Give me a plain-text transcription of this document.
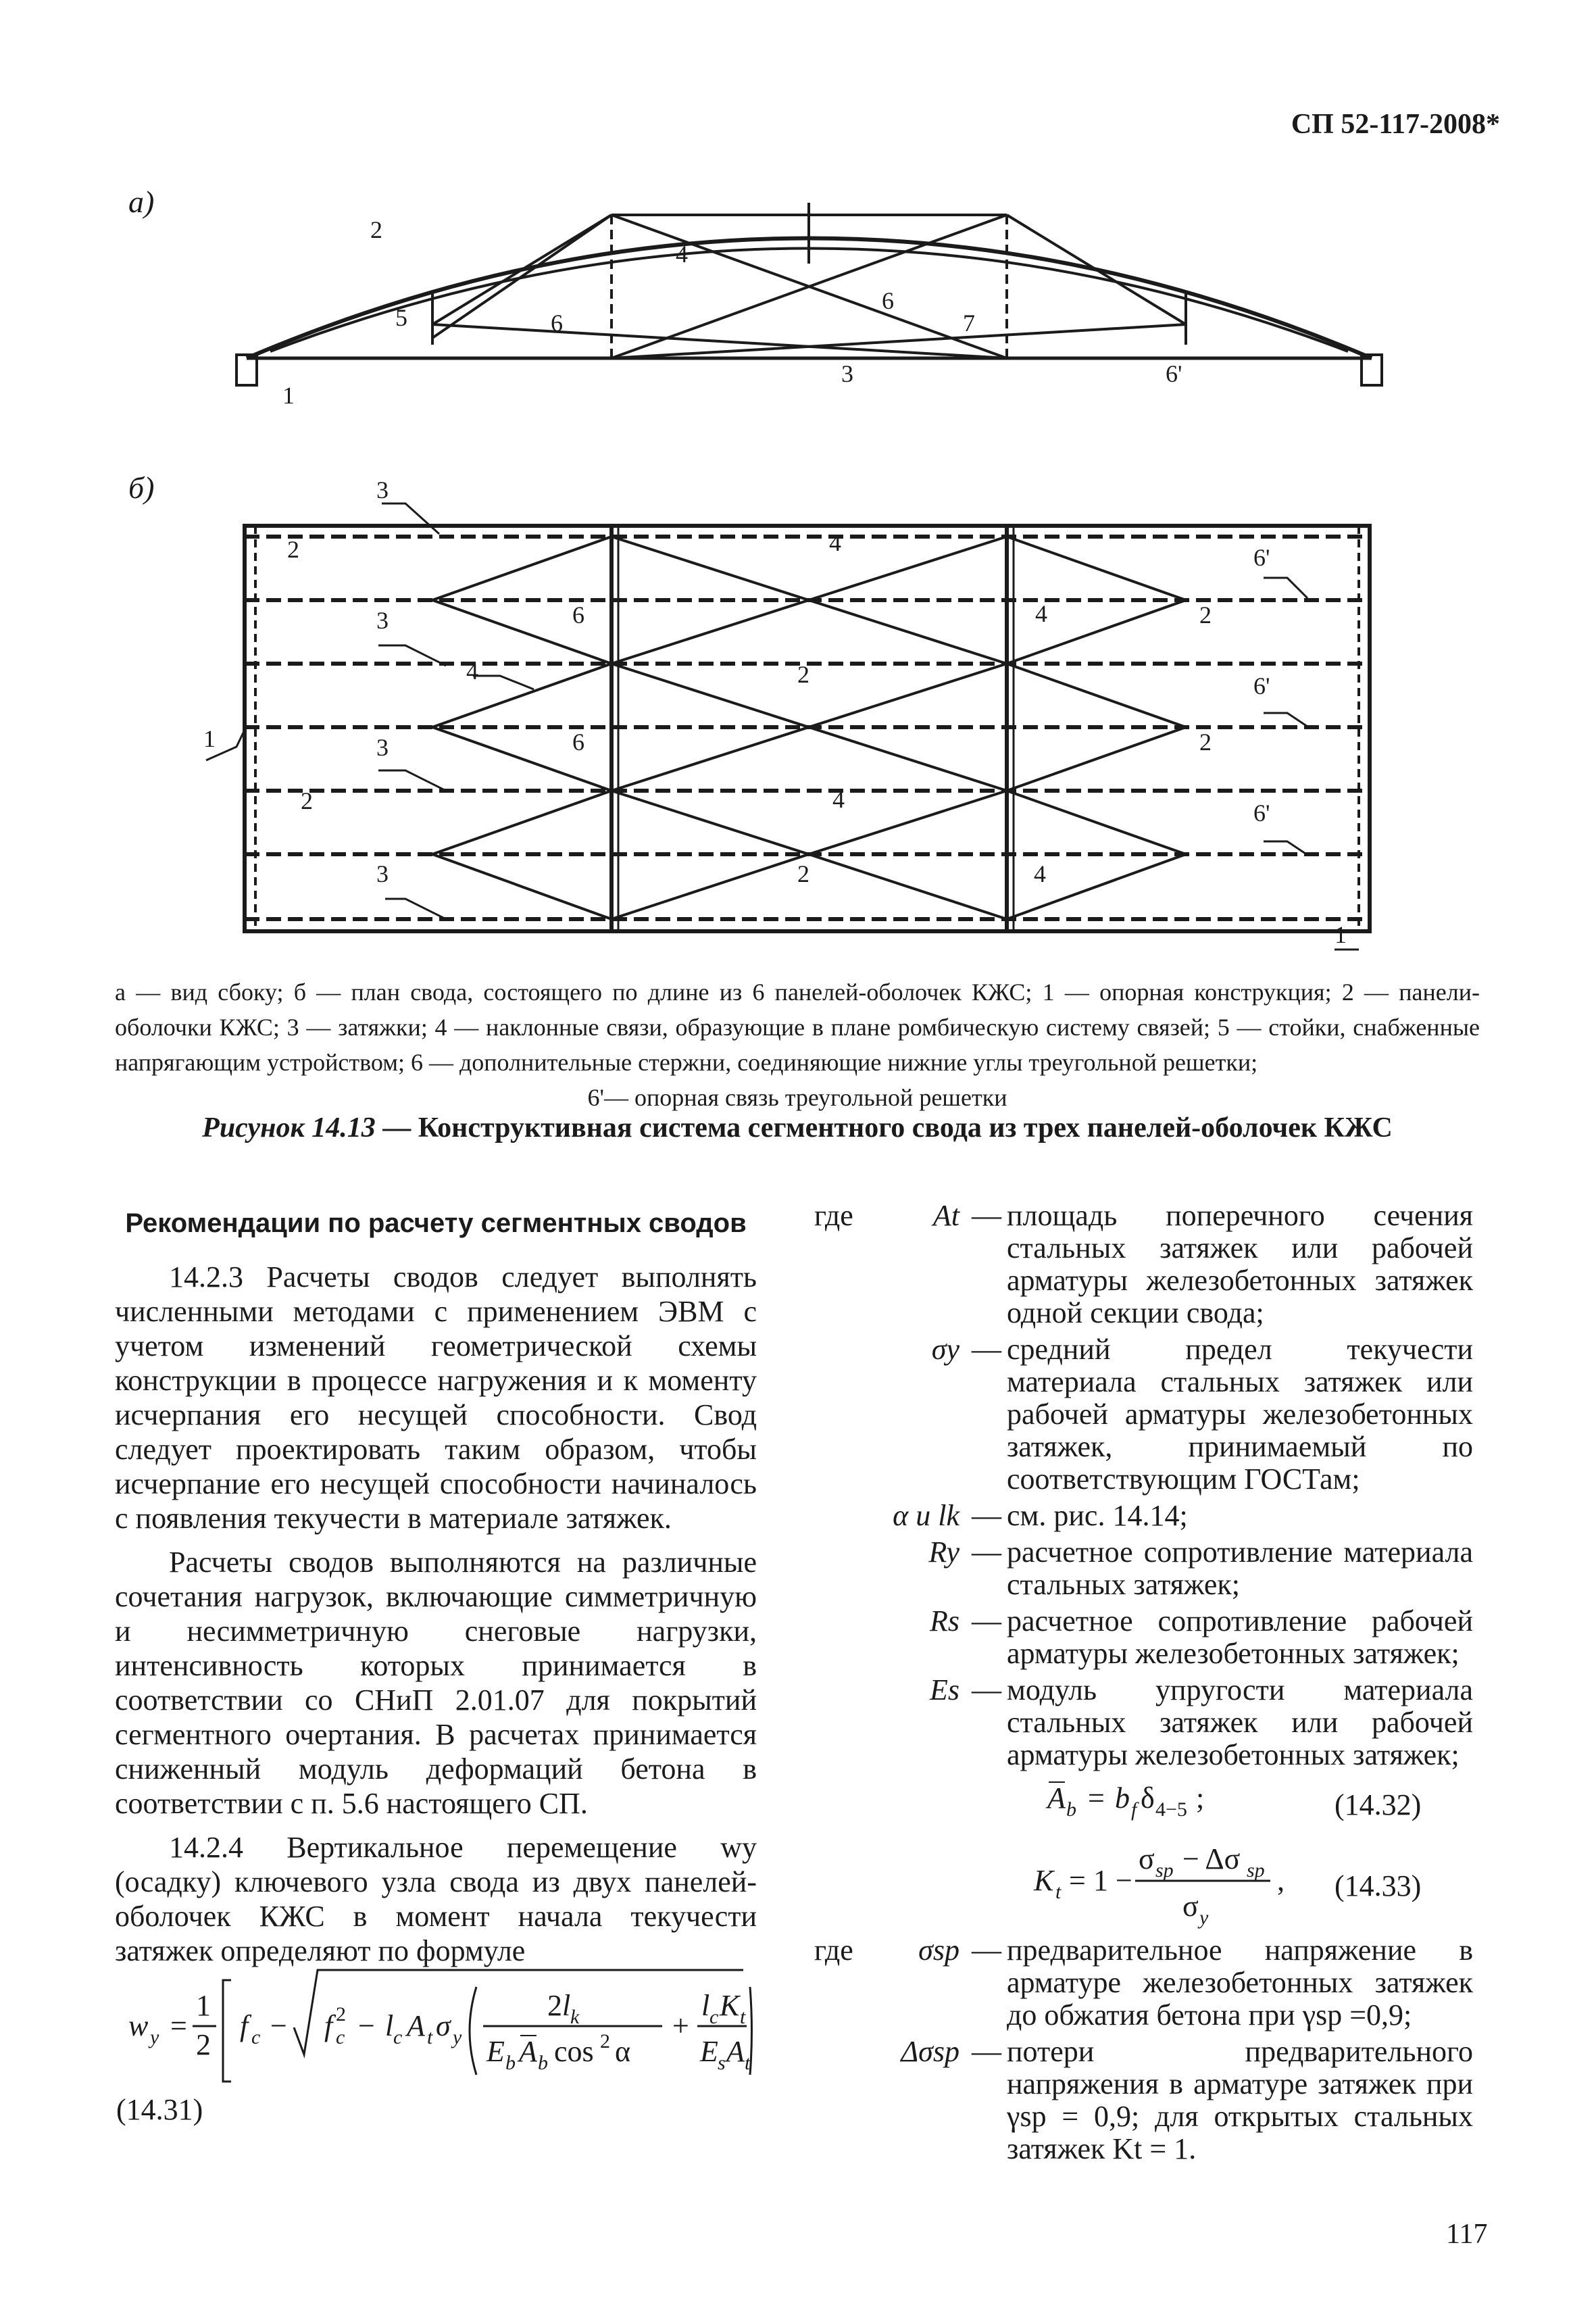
СП 52-117-2008*
а)
б)
2
4
5	6
6
7
3	6'
1
3
2	4
6'
3	6	4	2
1
4	2	6'
3	6	2
2	4	6'
3	2	4
1
а — вид сбоку; б — план свода, состоящего по длине из 6 панелей-оболочек КЖС; 1 — опорная конструкция; 2 — панели- оболочки КЖС; 3 — затяжки; 4 — наклонные связи, образующие в плане ромбическую систему связей; 5 — стойки, снабженные напрягающим устройством; 6 — дополнительные стержни, соединяющие нижние углы треугольной решетки;
6'— опорная связь треугольной решетки
Рисунок 14.13 — Конструктивная система сегментного свода из трех панелей-оболочек КЖС
Рекомендации по расчету сегментных сводов

14.2.3 Расчеты сводов следует выполнять численными методами с применением ЭВМ с учетом изменений геометрической схемы конструкции в процессе нагружения и к моменту исчерпания его несущей способности. Свод следует проектировать таким образом, чтобы исчерпание его несущей способности начиналось с появления текучести в материале затяжек.

Расчеты сводов выполняются на различные сочетания нагрузок, включающие симметричную и несимметричную снеговые нагрузки, интенсивность которых принимается в соответствии со СНиП 2.01.07 для покрытий сегментного очертания. В расчетах принимается сниженный модуль деформаций бетона в соответствии с п. 5.6 настоящего СП.

14.2.4 Вертикальное перемещение wy (осадку) ключевого узла свода из двух панелей-оболочек КЖС в момент начала текучести затяжек определяют по формуле

w y =
1
2
f c − f 2
c − l c A t σ y
2 l k
E b A b cos 2 α
+
l c K t
E s A t
(14.31)
где	At	—	площадь поперечного сечения стальных затяжек или рабочей арматуры железобетонных затяжек одной секции свода;
	σy	—	средний предел текучести материала стальных затяжек или рабочей арматуры железобетонных затяжек, принимаемый по соответствующим ГОСТам;
	α и lk	—	см. рис. 14.14;
	Ry	—	расчетное сопротивление материала стальных затяжек;
	Rs	—	расчетное сопротивление рабочей арматуры железобетонных затяжек;
	Es	—	модуль упругости материала стальных затяжек или рабочей арматуры железобетонных затяжек;
A b = b f δ 4−5 ;
K t = 1 −
σ sp − Δσ sp
σ y
,
(14.32)
(14.33)
где	σsp	—	предварительное напряжение в арматуре железобетонных затяжек до обжатия бетона при γsp =0,9;
	Δσsp	—	потери предварительного напряжения в арматуре затяжек при γsp = 0,9; для открытых стальных затяжек Kt = 1.
117
